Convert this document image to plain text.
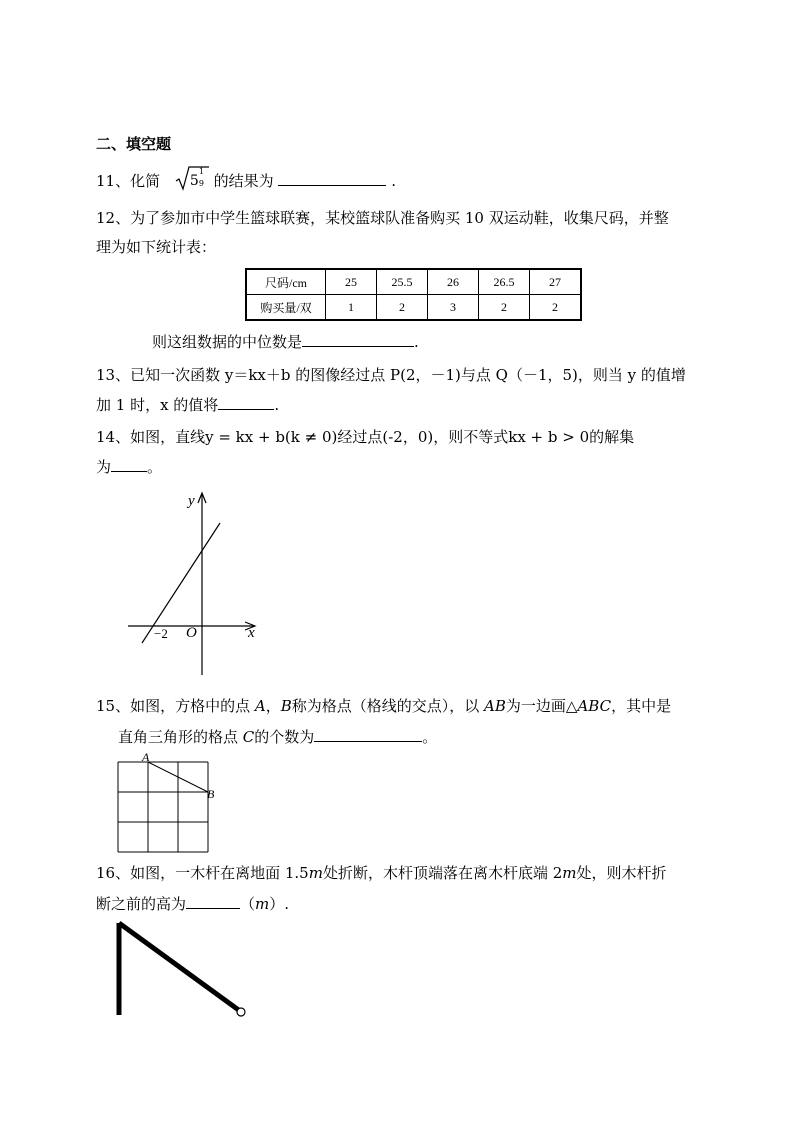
二、填空题
11、化简 5
1
9 的结果为	.
12、为了参加市中学生篮球联赛，某校篮球队准备购买 10 双运动鞋，收集尺码，并整
理为如下统计表：
尺码/cm	25	25.5	26	26.5	27
购买量/双	1	2	3	2	2
则这组数据的中位数是	.
13、已知一次函数 y＝kx＋b 的图像经过点 P(2，－1)与点 Q（－1，5)，则当 y 的值增
加 1 时，x 的值将	.
14、如图，直线y = kx + b(k ≠ 0)经过点(-2，0)，则不等式kx + b > 0的解集
为 。
y
x
O
−2
15、如图，方格中的点 A，B称为格点（格线的交点），以 AB为一边画△ABC，其中是
直角三角形的格点 C的个数为	。
A
B
16、如图，一木杆在离地面 1.5m处折断，木杆顶端落在离木杆底端 2m处，则木杆折
断之前的高为	（m）.
